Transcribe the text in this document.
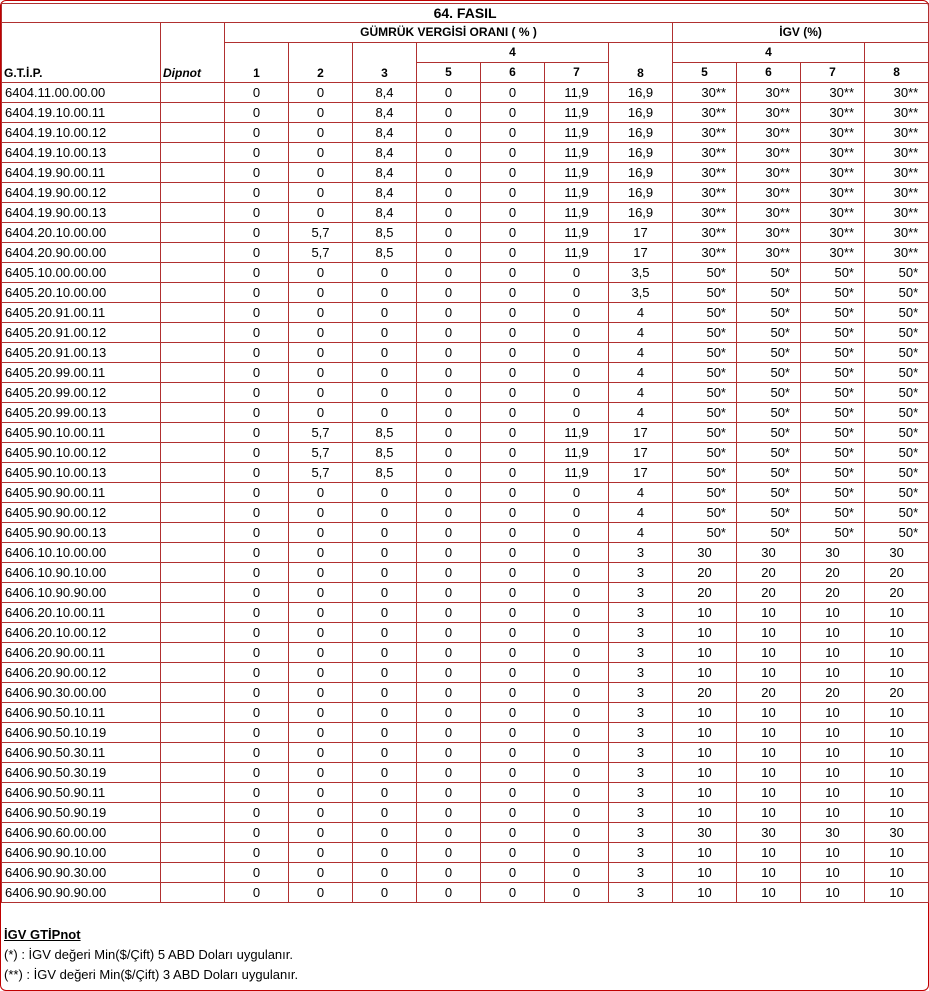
64. FASIL												
G.T.İ.P.	Dipnot	GÜMRÜK VERGİSİ ORANI ( % )							İGV (%)			
		1	2	3	4			8	4			
					5	6	7		5	6	7	8
6404.11.00.00.00		0	0	8,4	0	0	11,9	16,9	30**	30**	30**	30**
6404.19.10.00.11		0	0	8,4	0	0	11,9	16,9	30**	30**	30**	30**
6404.19.10.00.12		0	0	8,4	0	0	11,9	16,9	30**	30**	30**	30**
6404.19.10.00.13		0	0	8,4	0	0	11,9	16,9	30**	30**	30**	30**
6404.19.90.00.11		0	0	8,4	0	0	11,9	16,9	30**	30**	30**	30**
6404.19.90.00.12		0	0	8,4	0	0	11,9	16,9	30**	30**	30**	30**
6404.19.90.00.13		0	0	8,4	0	0	11,9	16,9	30**	30**	30**	30**
6404.20.10.00.00		0	5,7	8,5	0	0	11,9	17	30**	30**	30**	30**
6404.20.90.00.00		0	5,7	8,5	0	0	11,9	17	30**	30**	30**	30**
6405.10.00.00.00		0	0	0	0	0	0	3,5	50*	50*	50*	50*
6405.20.10.00.00		0	0	0	0	0	0	3,5	50*	50*	50*	50*
6405.20.91.00.11		0	0	0	0	0	0	4	50*	50*	50*	50*
6405.20.91.00.12		0	0	0	0	0	0	4	50*	50*	50*	50*
6405.20.91.00.13		0	0	0	0	0	0	4	50*	50*	50*	50*
6405.20.99.00.11		0	0	0	0	0	0	4	50*	50*	50*	50*
6405.20.99.00.12		0	0	0	0	0	0	4	50*	50*	50*	50*
6405.20.99.00.13		0	0	0	0	0	0	4	50*	50*	50*	50*
6405.90.10.00.11		0	5,7	8,5	0	0	11,9	17	50*	50*	50*	50*
6405.90.10.00.12		0	5,7	8,5	0	0	11,9	17	50*	50*	50*	50*
6405.90.10.00.13		0	5,7	8,5	0	0	11,9	17	50*	50*	50*	50*
6405.90.90.00.11		0	0	0	0	0	0	4	50*	50*	50*	50*
6405.90.90.00.12		0	0	0	0	0	0	4	50*	50*	50*	50*
6405.90.90.00.13		0	0	0	0	0	0	4	50*	50*	50*	50*
6406.10.10.00.00		0	0	0	0	0	0	3	30	30	30	30
6406.10.90.10.00		0	0	0	0	0	0	3	20	20	20	20
6406.10.90.90.00		0	0	0	0	0	0	3	20	20	20	20
6406.20.10.00.11		0	0	0	0	0	0	3	10	10	10	10
6406.20.10.00.12		0	0	0	0	0	0	3	10	10	10	10
6406.20.90.00.11		0	0	0	0	0	0	3	10	10	10	10
6406.20.90.00.12		0	0	0	0	0	0	3	10	10	10	10
6406.90.30.00.00		0	0	0	0	0	0	3	20	20	20	20
6406.90.50.10.11		0	0	0	0	0	0	3	10	10	10	10
6406.90.50.10.19		0	0	0	0	0	0	3	10	10	10	10
6406.90.50.30.11		0	0	0	0	0	0	3	10	10	10	10
6406.90.50.30.19		0	0	0	0	0	0	3	10	10	10	10
6406.90.50.90.11		0	0	0	0	0	0	3	10	10	10	10
6406.90.50.90.19		0	0	0	0	0	0	3	10	10	10	10
6406.90.60.00.00		0	0	0	0	0	0	3	30	30	30	30
6406.90.90.10.00		0	0	0	0	0	0	3	10	10	10	10
6406.90.90.30.00		0	0	0	0	0	0	3	10	10	10	10
6406.90.90.90.00		0	0	0	0	0	0	3	10	10	10	10
İGV GTİPnot
(*) : İGV değeri Min($/Çift) 5 ABD Doları uygulanır.
(**) : İGV değeri Min($/Çift) 3 ABD Doları uygulanır.
